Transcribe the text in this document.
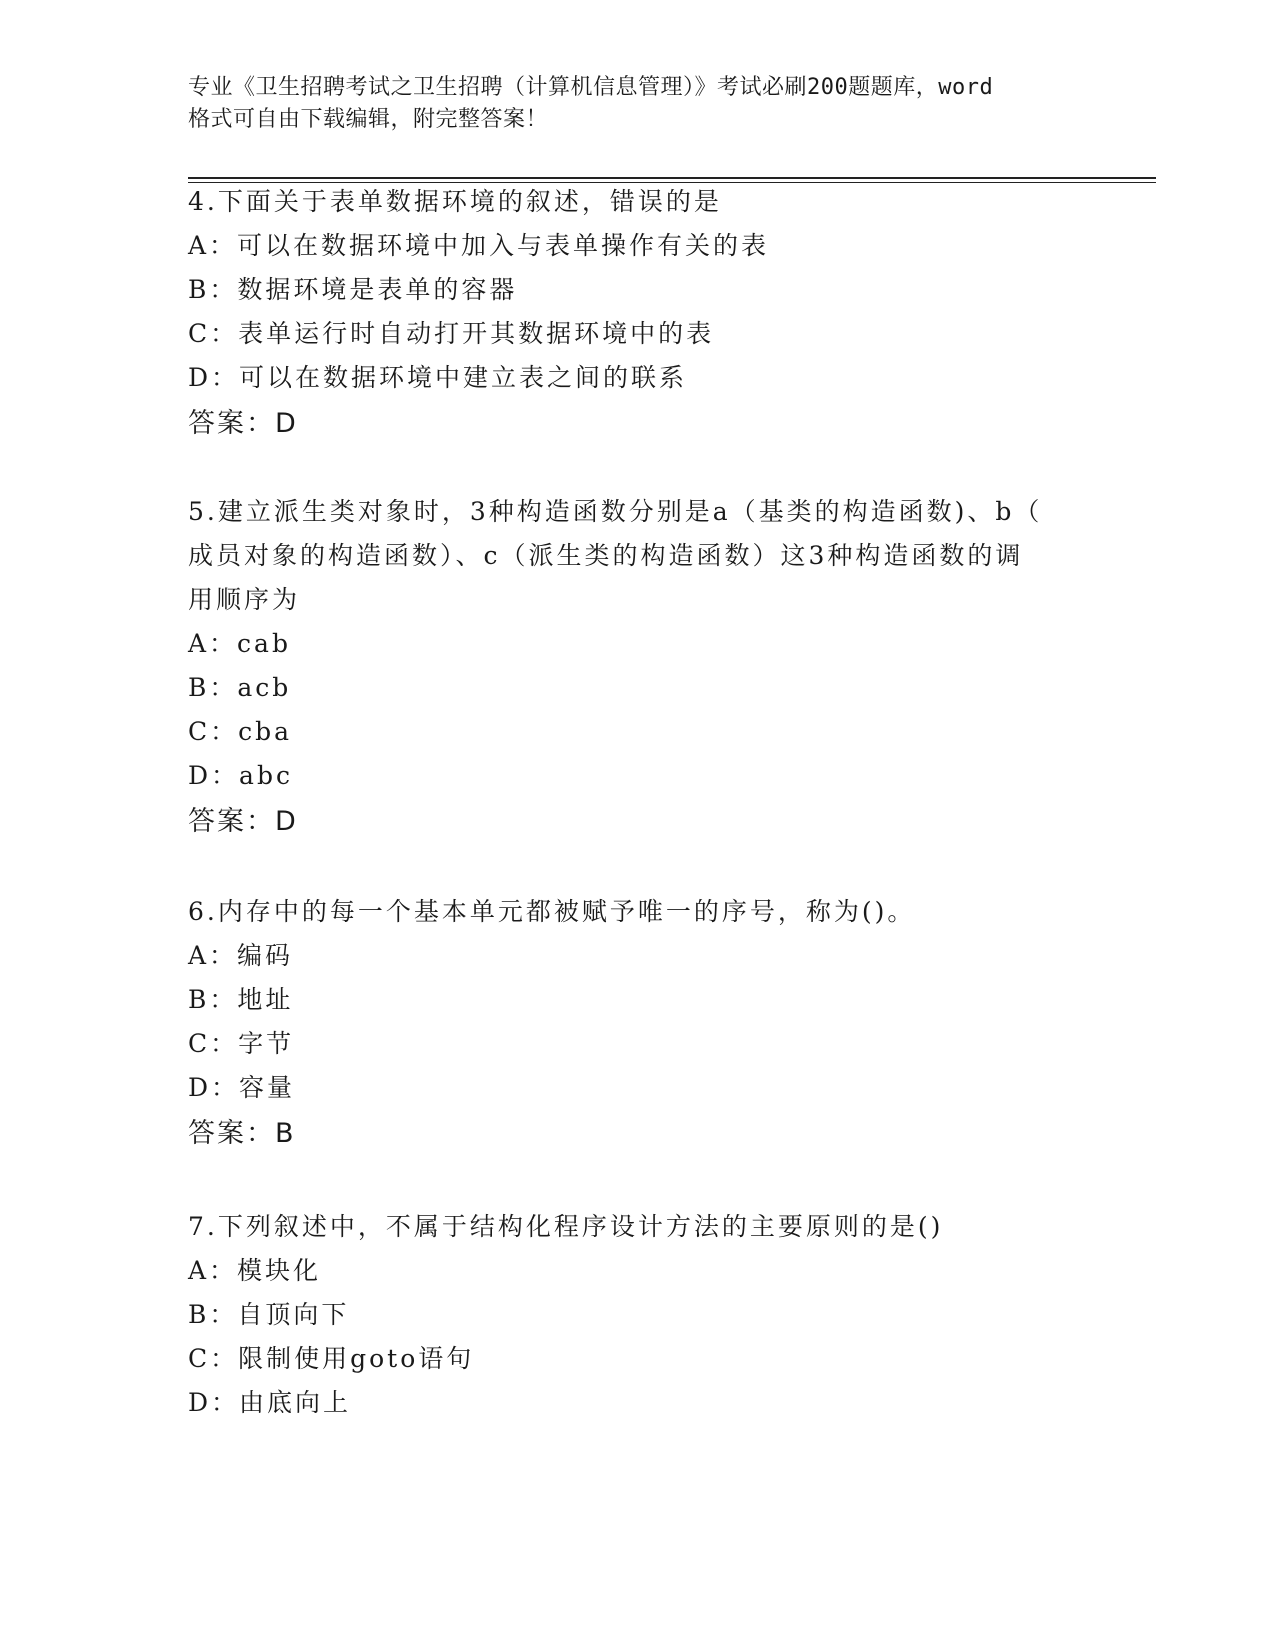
专业《卫生招聘考试之卫生招聘（计算机信息管理）》考试必刷200题题库，word
格式可自由下载编辑，附完整答案！
4.下面关于表单数据环境的叙述，错误的是
A：可以在数据环境中加入与表单操作有关的表
B：数据环境是表单的容器
C：表单运行时自动打开其数据环境中的表
D：可以在数据环境中建立表之间的联系
答案：D
5.建立派生类对象时，3种构造函数分别是a（基类的构造函数)、b（
成员对象的构造函数）、c（派生类的构造函数）这3种构造函数的调
用顺序为
A：cab
B：acb
C：cba
D：abc
答案：D
6.内存中的每一个基本单元都被赋予唯一的序号，称为()。
A：编码
B：地址
C：字节
D：容量
答案：B
7.下列叙述中，不属于结构化程序设计方法的主要原则的是()
A：模块化
B：自顶向下
C：限制使用goto语句
D：由底向上
